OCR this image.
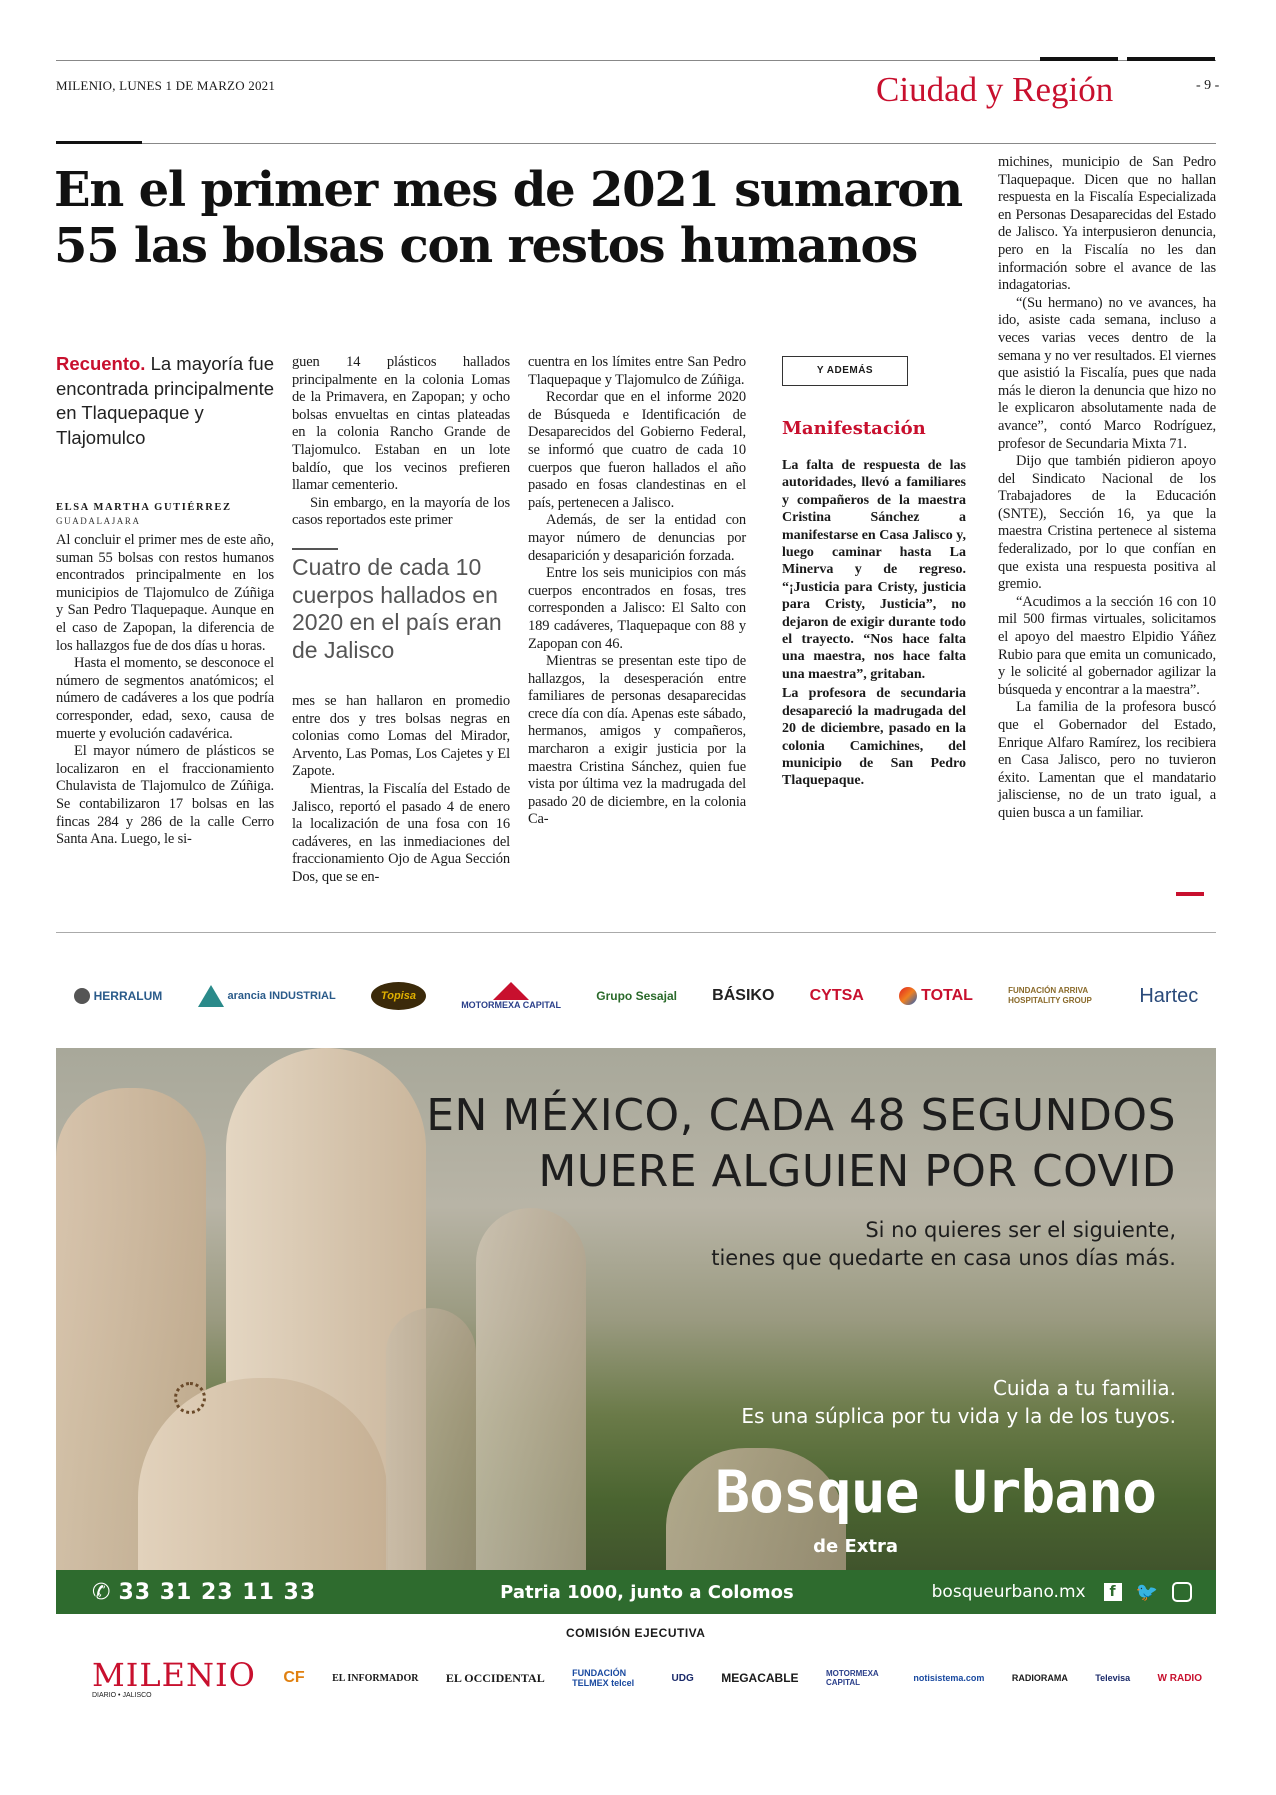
MILENIO, LUNES 1 DE MARZO 2021	Ciudad y Región	- 9 -
En el primer mes de 2021 sumaron
55 las bolsas con restos humanos
Recuento. La mayoría fue encontrada principalmente en Tlaquepaque y Tlajomulco
ELSA MARTHA GUTIÉRREZ
GUADALAJARA

Al concluir el primer mes de este año, suman 55 bolsas con restos humanos encontrados principalmente en los municipios de Tlajomulco de Zúñiga y San Pedro Tlaquepaque. Aunque en el caso de Zapopan, la diferencia de los hallazgos fue de dos días u horas.

Hasta el momento, se desconoce el número de segmentos anatómicos; el número de cadáveres a los que podría corresponder, edad, sexo, causa de muerte y evolución cadavérica.

El mayor número de plásticos se localizaron en el fraccionamiento Chulavista de Tlajomulco de Zúñiga. Se contabilizaron 17 bolsas en las fincas 284 y 286 de la calle Cerro Santa Ana. Luego, le si-

guen 14 plásticos hallados principalmente en la colonia Lomas de la Primavera, en Zapopan; y ocho bolsas envueltas en cintas plateadas en la colonia Rancho Grande de Tlajomulco. Estaban en un lote baldío, que los vecinos prefieren llamar cementerio.

Sin embargo, en la mayoría de los casos reportados este primer

Cuatro de cada 10 cuerpos hallados en 2020 en el país eran de Jalisco

mes se han hallaron en promedio entre dos y tres bolsas negras en colonias como Lomas del Mirador, Arvento, Las Pomas, Los Cajetes y El Zapote.

Mientras, la Fiscalía del Estado de Jalisco, reportó el pasado 4 de enero la localización de una fosa con 16 cadáveres, en las inmediaciones del fraccionamiento Ojo de Agua Sección Dos, que se en-

cuentra en los límites entre San Pedro Tlaquepaque y Tlajomulco de Zúñiga.

Recordar que en el informe 2020 de Búsqueda e Identificación de Desaparecidos del Gobierno Federal, se informó que cuatro de cada 10 cuerpos que fueron hallados el año pasado en fosas clandestinas en el país, pertenecen a Jalisco.

Además, de ser la entidad con mayor número de denuncias por desaparición y desaparición forzada.

Entre los seis municipios con más cuerpos encontrados en fosas, tres corresponden a Jalisco: El Salto con 189 cadáveres, Tlaquepaque con 88 y Zapopan con 46.

Mientras se presentan este tipo de hallazgos, la desesperación entre familiares de personas desaparecidas crece día con día. Apenas este sábado, hermanos, amigos y compañeros, marcharon a exigir justicia por la maestra Cristina Sánchez, quien fue vista por última vez la madrugada del pasado 20 de diciembre, en la colonia Ca-

Y ADEMÁS
Manifestación

La falta de respuesta de las autoridades, llevó a familiares y compañeros de la maestra Cristina Sánchez a manifestarse en Casa Jalisco y, luego caminar hasta La Minerva y de regreso. “¡Justicia para Cristy, justicia para Cristy, Justicia”, no dejaron de exigir durante todo el trayecto. “Nos hace falta una maestra, nos hace falta una maestra”, gritaban.

La profesora de secundaria desapareció la madrugada del 20 de diciembre, pasado en la colonia Camichines, del municipio de San Pedro Tlaquepaque.

michines, municipio de San Pedro Tlaquepaque. Dicen que no hallan respuesta en la Fiscalía Especializada en Personas Desaparecidas del Estado de Jalisco. Ya interpusieron denuncia, pero en la Fiscalía no les dan información sobre el avance de las indagatorias.

“(Su hermano) no ve avances, ha ido, asiste cada semana, incluso a veces varias veces dentro de la semana y no ver resultados. El viernes que asistió la Fiscalía, pues que nada más le dieron la denuncia que hizo no le explicaron absolutamente nada de avance”, contó Marco Rodríguez, profesor de Secundaria Mixta 71.

Dijo que también pidieron apoyo del Sindicato Nacional de los Trabajadores de la Educación (SNTE), Sección 16, ya que la maestra Cristina pertenece al sistema federalizado, por lo que confían en que exista una respuesta positiva al gremio.

“Acudimos a la sección 16 con 10 mil 500 firmas virtuales, solicitamos el apoyo del maestro Elpidio Yáñez Rubio para que emita un comunicado, y le solicité al gobernador agilizar la búsqueda y encontrar a la maestra”.

La familia de la profesora buscó que el Gobernador del Estado, Enrique Alfaro Ramírez, los recibiera en Casa Jalisco, pero no tuvieron éxito. Lamentan que el mandatario jalisciense, no de un trato igual, a quien busca a un familiar.

HERRALUM	arancia INDUSTRIAL	Topisa
MOTORMEXA CAPITAL
Grupo Sesajal BÁSIKO CYTSA	TOTAL	FUNDACIÓN ARRIVA HOSPITALITY GROUP	Hartec
EN MÉXICO, CADA 48 SEGUNDOS
MUERE ALGUIEN POR COVID
Si no quieres ser el siguiente,
tienes que quedarte en casa unos días más.
Cuida a tu familia.
Es una súplica por tu vida y la de los tuyos.
Bosque Urbano
de Extra
✆ 33 31 23 11 33	Patria 1000, junto a Colomos	bosqueurbano.mx	f	🐦
COMISIÓN EJECUTIVA
MILENIO
DIARIO • JALISCO
CF	EL INFORMADOR EL OCCIDENTAL	FUNDACIÓN TELMEX telcel	UDG MEGACABLE	MOTORMEXA CAPITAL	notisistema.com	RADIORAMA	Televisa	W RADIO
